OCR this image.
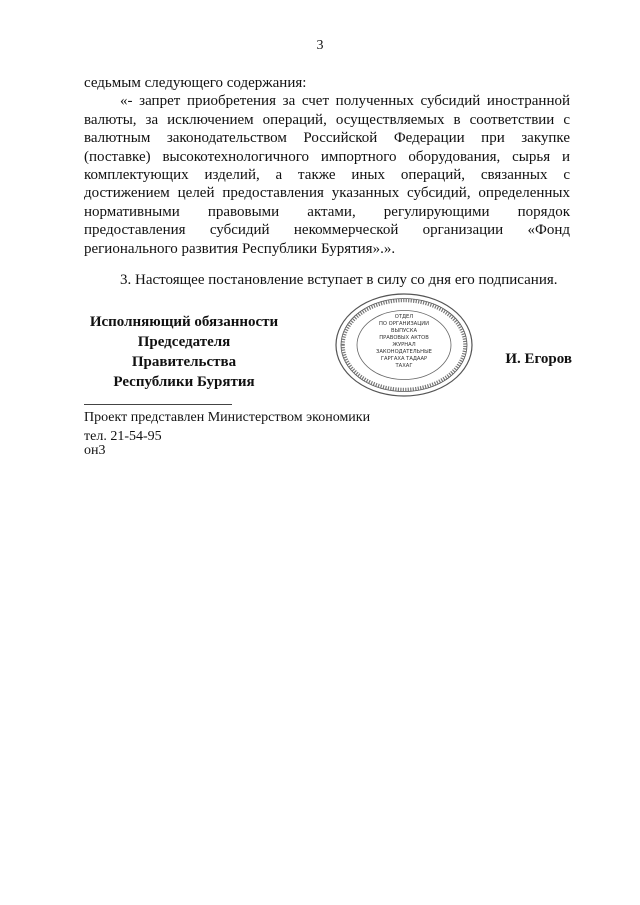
3

седьмым следующего содержания:

«- запрет приобретения за счет полученных субсидий иностранной валюты, за исключением операций, осуществляемых в соответствии с валютным законодательством Российской Федерации при закупке (поставке) высокотехнологичного импортного оборудования, сырья и комплектующих изделий, а также иных операций, связанных с достижением целей предоставления указанных субсидий, определенных нормативными правовыми актами, регулирующими порядок предоставления субсидий некоммерческой организации «Фонд регионального развития Республики Бурятия».».

3. Настоящее постановление вступает в силу со дня его подписания.

Исполняющий обязанности
Председателя Правительства
Республики Бурятия
И. Егоров
ОТДЕЛ
ПО ОРГАНИЗАЦИИ
ВЫПУСКА
ПРАВОВЫХ АКТОВ
ЖУРНАЛ
ЗАКОНОДАТЕЛЬНЫЕ
ГАРГАХА ТАДААР
ТАХАГ
Проект представлен Министерством экономики
тел. 21-54-95
он3
